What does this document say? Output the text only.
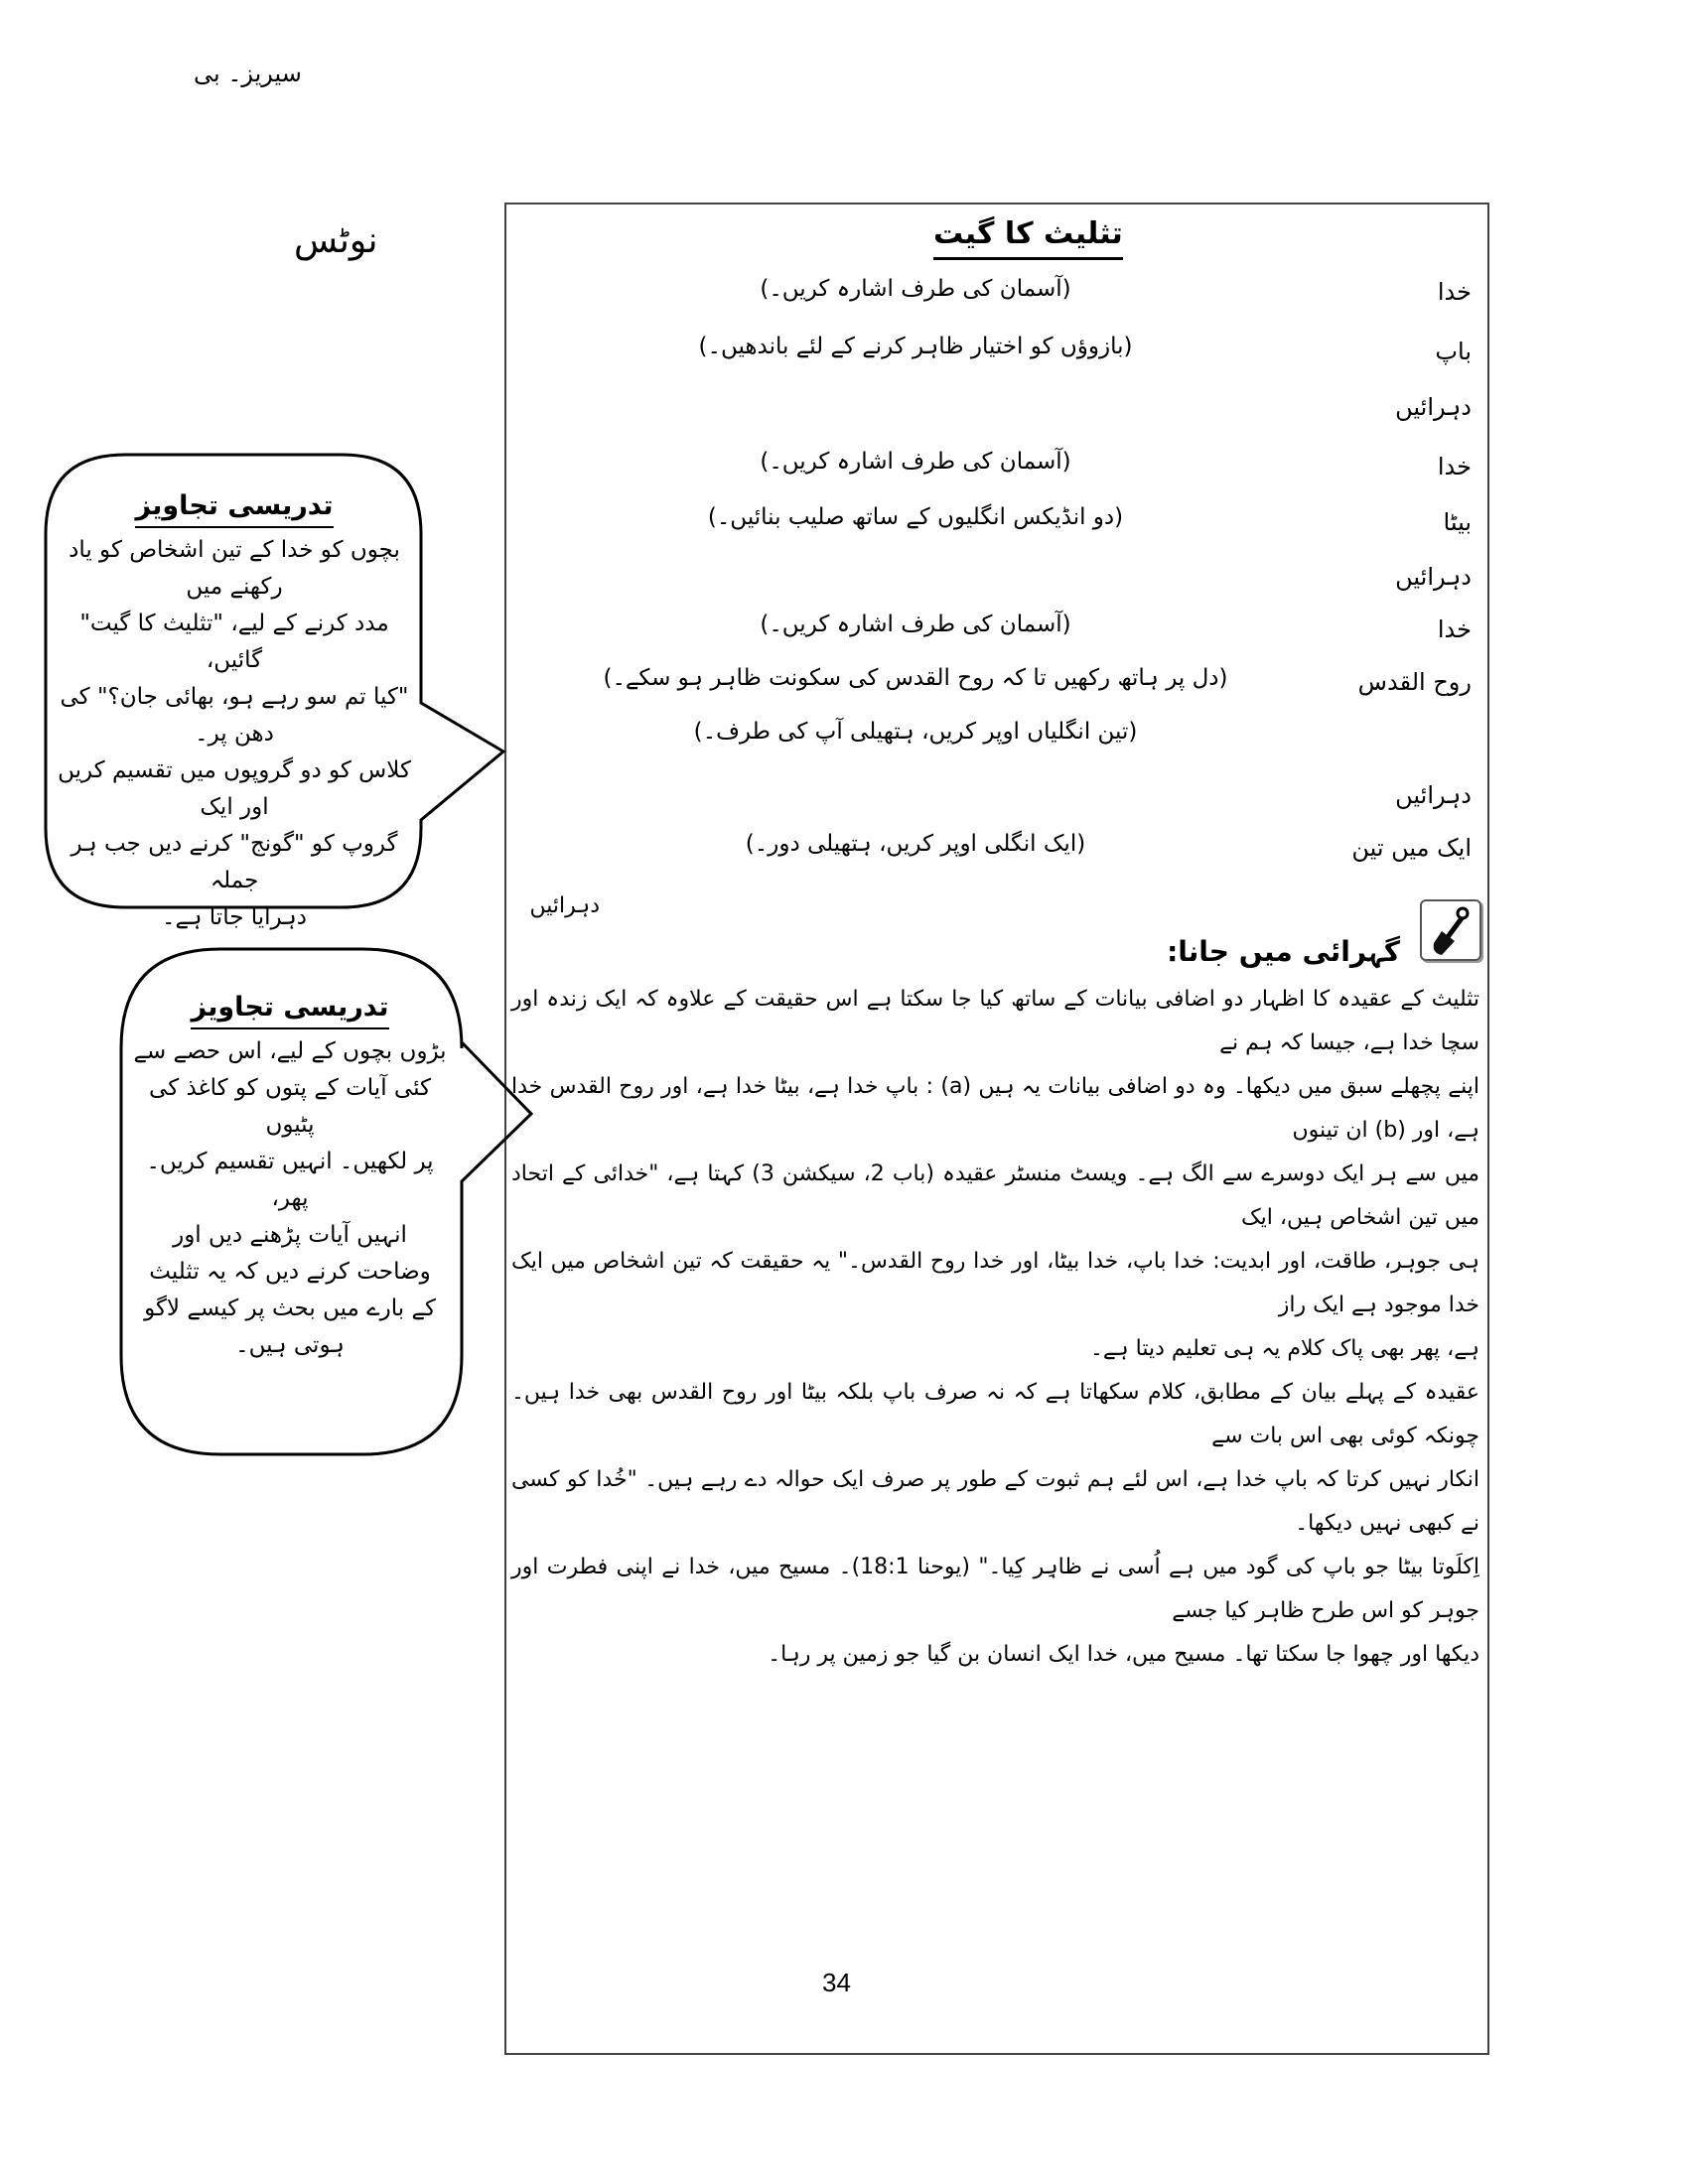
سیریز۔ بی
نوٹس	تثلیث کا گیت
خدا
(آسمان کی طرف اشارہ کریں۔)
باپ
(بازوؤں کو اختیار ظاہر کرنے کے لئے باندھیں۔)
دہرائیں
خدا
(آسمان کی طرف اشارہ کریں۔)
بیٹا
(دو انڈیکس انگلیوں کے ساتھ صلیب بنائیں۔)
دہرائیں
خدا
(آسمان کی طرف اشارہ کریں۔)
روح القدس
(دل پر ہاتھ رکھیں تا کہ روح القدس کی سکونت ظاہر ہو سکے۔)
(تین انگلیاں اوپر کریں، ہتھیلی آپ کی طرف۔)
دہرائیں
ایک میں تین
(ایک انگلی اوپر کریں، ہتھیلی دور۔)
دہرائیں
گہرائی میں جانا:
تثلیث کے عقیدہ کا اظہار دو اضافی بیانات کے ساتھ کیا جا سکتا ہے اس حقیقت کے علاوہ کہ ایک زندہ اور سچا خدا ہے، جیسا کہ ہم نے
اپنے پچھلے سبق میں دیکھا۔ وہ دو اضافی بیانات یہ ہیں (a) : باپ خدا ہے، بیٹا خدا ہے، اور روح القدس خدا ہے، اور (b) ان تینوں
میں سے ہر ایک دوسرے سے الگ ہے۔ ویسٹ منسٹر عقیدہ (باب 2، سیکشن 3) کہتا ہے، "خدائی کے اتحاد میں تین اشخاص ہیں، ایک
ہی جوہر، طاقت، اور ابدیت: خدا باپ، خدا بیٹا، اور خدا روح القدس۔" یہ حقیقت کہ تین اشخاص میں ایک خدا موجود ہے ایک راز
ہے، پھر بھی پاک کلام یہ ہی تعلیم دیتا ہے۔
عقیدہ کے پہلے بیان کے مطابق، کلام سکھاتا ہے کہ نہ صرف باپ بلکہ بیٹا اور روح القدس بھی خدا ہیں۔ چونکہ کوئی بھی اس بات سے
انکار نہیں کرتا کہ باپ خدا ہے، اس لئے ہم ثبوت کے طور پر صرف ایک حوالہ دے رہے ہیں۔ "خُدا کو کسی نے کبھی نہیں دیکھا۔
اِکلَوتا بیٹا جو باپ کی گود میں ہے اُسی نے ظاہِر کِیا۔" (یوحنا 18:1)۔ مسیح میں، خدا نے اپنی فطرت اور جوہر کو اس طرح ظاہر کیا جسے
دیکھا اور چھوا جا سکتا تھا۔ مسیح میں، خدا ایک انسان بن گیا جو زمین پر رہا۔
34
تدریسی تجاویز
بچوں کو خدا کے تین اشخاص کو یاد رکھنے میں
مدد کرنے کے لیے، "تثلیث کا گیت" گائیں،
"کیا تم سو رہے ہو، بھائی جان؟" کی دھن پر۔
کلاس کو دو گروپوں میں تقسیم کریں اور ایک
گروپ کو "گونج" کرنے دیں جب ہر جملہ
دہرایا جاتا ہے۔
تدریسی تجاویز
بڑوں بچوں کے لیے، اس حصے سے
کئی آیات کے پتوں کو کاغذ کی پٹیوں
پر لکھیں۔ انہیں تقسیم کریں۔ پھر،
انہیں آیات پڑھنے دیں اور
وضاحت کرنے دیں کہ یہ تثلیث
کے بارے میں بحث پر کیسے لاگو
ہوتی ہیں۔
